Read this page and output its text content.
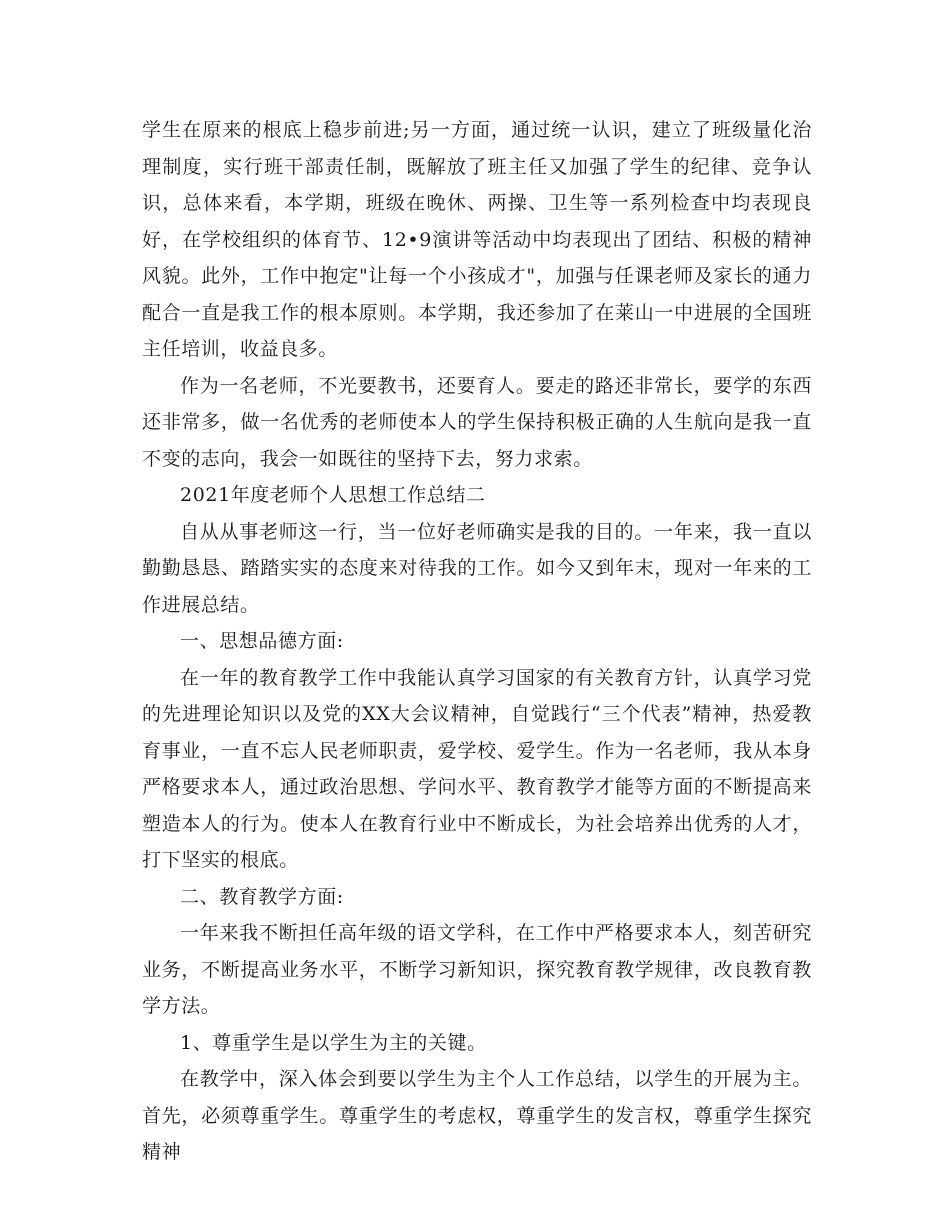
学生在原来的根底上稳步前进;另一方面，通过统一认识，建立了班级量化治理制度，实行班干部责任制，既解放了班主任又加强了学生的纪律、竞争认识，总体来看，本学期，班级在晚休、两操、卫生等一系列检查中均表现良好，在学校组织的体育节、12•9演讲等活动中均表现出了团结、积极的精神风貌。此外，工作中抱定"让每一个小孩成才"，加强与任课老师及家长的通力配合一直是我工作的根本原则。本学期，我还参加了在莱山一中进展的全国班主任培训，收益良多。

作为一名老师，不光要教书，还要育人。要走的路还非常长，要学的东西还非常多，做一名优秀的老师使本人的学生保持积极正确的人生航向是我一直不变的志向，我会一如既往的坚持下去，努力求索。

2021年度老师个人思想工作总结二

自从从事老师这一行，当一位好老师确实是我的目的。一年来，我一直以勤勤恳恳、踏踏实实的态度来对待我的工作。如今又到年末，现对一年来的工作进展总结。

一、思想品德方面:

在一年的教育教学工作中我能认真学习国家的有关教育方针，认真学习党的先进理论知识以及党的XX大会议精神，自觉践行“三个代表”精神，热爱教育事业，一直不忘人民老师职责，爱学校、爱学生。作为一名老师，我从本身严格要求本人，通过政治思想、学问水平、教育教学才能等方面的不断提高来塑造本人的行为。使本人在教育行业中不断成长，为社会培养出优秀的人才，打下坚实的根底。

二、教育教学方面:

一年来我不断担任高年级的语文学科，在工作中严格要求本人，刻苦研究业务，不断提高业务水平，不断学习新知识，探究教育教学规律，改良教育教学方法。

1、尊重学生是以学生为主的关键。

在教学中，深入体会到要以学生为主个人工作总结，以学生的开展为主。首先，必须尊重学生。尊重学生的考虑权，尊重学生的发言权，尊重学生探究精神
